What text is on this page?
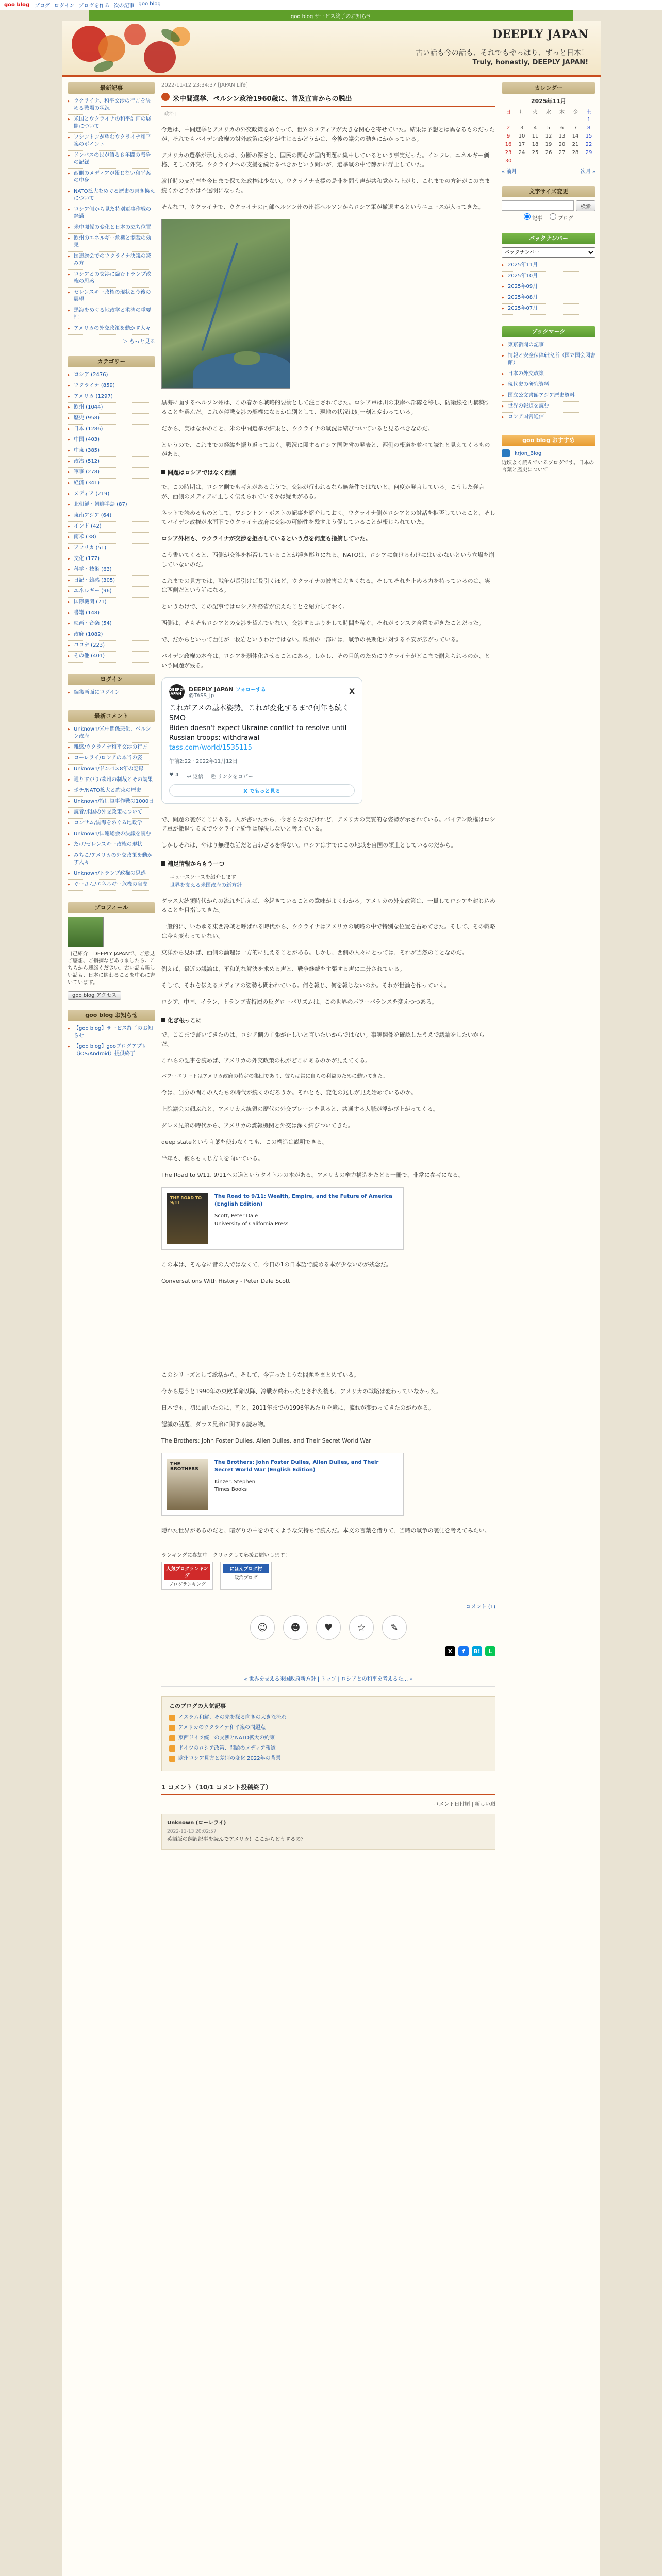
goo blog ブログ ログイン ブログを作る 次の記事 goo blog
goo blog サービス終了のお知らせ
DEEPLY JAPAN
古い話も今の話も、それでもやっぱり、ずっと日本！
Truly, honestly, DEEPLY JAPAN!
最新記事
▸ ウクライナ、和平交渉の行方を決める戦場の状況
▸ 米国とウクライナの和平計画の展開について
▸ ワシントンが望むウクライナ和平案のポイント
▸ ドンバスの民が語る８年間の戦争の記録
▸ 西側のメディアが報じない和平案の中身
▸ NATO拡大をめぐる歴史の書き換えについて
▸ ロシア側から見た特別軍事作戦の経過
▸ 米中関係の変化と日本の立ち位置
▸ 欧州のエネルギー危機と制裁の効果
▸ 国連総会でのウクライナ決議の読み方
▸ ロシアとの交渉に臨むトランプ政権の思惑
▸ ゼレンスキー政権の現状と今後の展望
▸ 黒海をめぐる地政学と港湾の重要性
▸ アメリカの外交政策を動かす人々
＞ もっと見る
カテゴリー
▸ ロシア (2476)
▸ ウクライナ (859)
▸ アメリカ (1297)
▸ 欧州 (1044)
▸ 歴史 (958)
▸ 日本 (1286)
▸ 中国 (403)
▸ 中東 (385)
▸ 政治 (512)
▸ 軍事 (278)
▸ 経済 (341)
▸ メディア (219)
▸ 北朝鮮・朝鮮半島 (87)
▸ 東南アジア (64)
▸ インド (42)
▸ 南米 (38)
▸ アフリカ (51)
▸ 文化 (177)
▸ 科学・技術 (63)
▸ 日記・雑感 (305)
▸ エネルギー (96)
▸ 国際機関 (71)
▸ 書籍 (148)
▸ 映画・音楽 (54)
▸ 政府 (1082)
▸ コロナ (223)
▸ その他 (401)
ログイン
▸ 編集画面にログイン
最新コメント
▸ Unknown/米中関係悪化、ペルシン政府
▸ 雑感/ウクライナ和平交渉の行方
▸ ローレライ/ロシアの本当の姿
▸ Unknown/ドンバス8年の記録
▸ 通りすがり/欧州の制裁とその効果
▸ ポチ/NATO拡大と約束の歴史
▸ Unknown/特別軍事作戦の1000日
▸ 読者/米国の外交政策について
▸ ロンサム/黒海をめぐる地政学
▸ Unknown/国連総会の決議を読む
▸ たけ/ゼレンスキー政権の現状
▸ みちこ/アメリカの外交政策を動かす人々
▸ Unknown/トランプ政権の思惑
▸ ぐーさん/エネルギー危機の実際
プロフィール
自己紹介　DEEPLY JAPANで、ご意見ご感想、ご指摘などありましたら、こちらから連絡ください。古い話も新しい話も、日本に関わることを中心に書いています。
goo blog アクセス
goo blog お知らせ
▸ 【goo blog】サービス終了のお知らせ
▸ 【goo blog】gooブログアプリ（iOS/Android）提供終了
2022-11-12 23:34:37 [JAPAN Life]
米中間選挙、ペルシン政治1960歳に、普及宣言からの脱出
| 政治 |

今週は、中間選挙とアメリカの外交政策をめぐって、世界のメディアが大きな関心を寄せていた。結果は予想とは異なるものだったが、それでもバイデン政権の対外政策に変化が生じるかどうかは、今後の議会の動きにかかっている。

アメリカの選挙が示したのは、分断の深さと、国民の関心が国内問題に集中しているという事実だった。インフレ、エネルギー価格、そして外交。ウクライナへの支援を続けるべきかという問いが、選挙戦の中で静かに浮上していた。

就任時の支持率を今日まで保てた政権は少ない。ウクライナ支援の是非を問う声が共和党から上がり、これまでの方針がこのまま続くかどうかは不透明になった。

そんな中、ウクライナで、ウクライナの南部ヘルソン州の州都ヘルソンからロシア軍が撤退するというニュースが入ってきた。

黒海に面するヘルソン州は、この春から戦略的要衝として注目されてきた。ロシア軍は川の東岸へ部隊を移し、防衛線を再構築することを選んだ。これが停戦交渉の契機になるかは別として、現地の状況は刻一刻と変わっている。

だから、実はなおのこと、米の中間選挙の結果と、ウクライナの戦況は結びついていると見るべきなのだ。

というので、これまでの経緯を振り返っておく。戦況に関するロシア国防省の発表と、西側の報道を並べて読むと見えてくるものがある。

問題はロシアではなく西側

で、この時期は、ロシア側でも考えがあるようで、交渉が行われるなら無条件ではないと、何度か発言している。こうした発言が、西側のメディアに正しく伝えられているかは疑問がある。

ネットで読めるものとして、ワシントン・ポストの記事を紹介しておく。ウクライナ側がロシアとの対話を拒否していること、そしてバイデン政権が水面下でウクライナ政府に交渉の可能性を残すよう促していることが報じられていた。

ロシア外相も、ウクライナが交渉を拒否しているという点を何度も指摘していた。

こう書いてくると、西側が交渉を拒否していることが浮き彫りになる。NATOは、ロシアに負けるわけにはいかないという立場を崩していないのだ。

これまでの見方では、戦争が長引けば長引くほど、ウクライナの被害は大きくなる。そしてそれを止める力を持っているのは、実は西側だという話になる。

というわけで、この記事ではロシア外務省が伝えたことを紹介しておく。

西側は、そもそもロシアとの交渉を望んでいない。交渉するふりをして時間を稼ぐ、それがミンスク合意で起きたことだった。

で、だからといって西側が一枚岩というわけではない。欧州の一部には、戦争の長期化に対する不安が広がっている。

バイデン政権の本音は、ロシアを弱体化させることにある。しかし、その目的のためにウクライナがどこまで耐えられるのか、という問題が残る。

DEEPLY JAPAN
DEEPLY JAPAN フォローする
@TASS_Jp	X
これがアメの基本姿勢。これが変化するまで何年も続くSMO
Biden doesn't expect Ukraine conflict to resolve until Russian troops: withdrawal
tass.com/world/1535115
午前2:22 · 2022年11月12日
♥ 4 ↩ 返信 ⎘ リンクをコピー
X でもっと見る

で、問題の裏がここにある。人が書いたから、今さらなのだけれど、アメリカの実質的な姿勢が示されている。バイデン政権はロシア軍が撤退するまでウクライナ紛争は解決しないと考えている。

しかしそれは、やはり無理な話だと言わざるを得ない。ロシアはすでにこの地域を自国の領土としているのだから。

補足情報からもう一つ
ニュースソースを紹介します
世界を支える米国政府の新方針

ダラス大統領時代からの流れを追えば、今起きていることの意味がよくわかる。アメリカの外交政策は、一貫してロシアを封じ込めることを目指してきた。

一般的に、いわゆる東西冷戦と呼ばれる時代から、ウクライナはアメリカの戦略の中で特別な位置を占めてきた。そして、その戦略は今も変わっていない。

東洋から見れば、西側の論理は一方的に見えることがある。しかし、西側の人々にとっては、それが当然のことなのだ。

例えば、最近の議論は、平和的な解決を求める声と、戦争継続を主張する声に二分されている。

そして、それを伝えるメディアの姿勢も問われている。何を報じ、何を報じないのか。それが世論を作っていく。

ロシア、中国、イラン、トランプ支持層の反グローバリズムは、この世界のパワーバランスを変えつつある。

化ぎ根っこに

で、ここまで書いてきたのは、ロシア側の主張が正しいと言いたいからではない。事実関係を確認したうえで議論をしたいからだ。

これらの記事を読めば、アメリカの外交政策の根がどこにあるのかが見えてくる。

パワーエリートはアメリカ政府の特定の集団であり、彼らは常に自らの利益のために動いてきた。

今は、当分の間この人たちの時代が続くのだろうか。それとも、変化の兆しが見え始めているのか。

上院議会の顔ぶれと、アメリカ大統領の歴代の外交ブレーンを見ると、共通する人脈が浮かび上がってくる。

ダレス兄弟の時代から、アメリカの諜報機関と外交は深く結びついてきた。

deep stateという言葉を使わなくても、この構造は説明できる。

半年も、彼らも同じ方向を向いている。

The Road to 9/11, 9/11への道というタイトルの本がある。アメリカの権力構造をたどる一冊で、非常に参考になる。

THE ROAD TO 9/11
The Road to 9/11: Wealth, Empire, and the Future of America (English Edition)
Scott, Peter Dale
University of California Press

この本は、そんなに昔の人ではなくて、今日の1の日本語で読める本が少ないのが残念だ。

Conversations With History - Peter Dale Scott

このシリーズとして総括から、そして、今言ったような問題をまとめている。

今から思うと1990年の東欧革命以降、冷戦が終わったとされた後も、アメリカの戦略は変わっていなかった。

日本でも、初に書いたのに、割と、2011年までの1996年あたりを境に、流れが変わってきたのがわかる。

認識の話題、ダラス兄弟に関する読み物。

The Brothers: John Foster Dulles, Allen Dulles, and Their Secret World War

THE BROTHERS
The Brothers: John Foster Dulles, Allen Dulles, and Their Secret World War (English Edition)
Kinzer, Stephen
Times Books

隠れた世界があるのだと、暗がりの中をのぞくような気持ちで読んだ。本文の言葉を借りて、当時の戦争の裏側を考えてみたい。

ランキングに参加中。クリックして応援お願いします！
人気ブログランキング
ブログランキング
にほんブログ村
政治ブログ
コメント (1)
☺	☻	♥	☆	✎
X	f	B!	L
« 世界を支える米国政府新方針 | トップ | ロシアとの和平を考えるた... »
このブログの人気記事
イスラム和解、その先を探る向きの大きな流れ
アメリカのウクライナ和平案の問題点
東西ドイツ統一の交渉とNATO拡大の約束
ドイツのロシア政策、問題のメディア報道
欧州ロシア見方と差別の変化 2022年の背景
1 コメント（10/1 コメント投稿終了）
コメント日付順 | 新しい順
Unknown (ローレライ)
2022-11-13 20:02:57
英語版の翻訳記事を読んでアメリカ！ここからどうするの？
カレンダー
2025年11月
日	月	火	水	木	金	土
						1
2	3	4	5	6	7	8
9	10	11	12	13	14	15
16	17	18	19	20	21	22
23	24	25	26	27	28	29
30						
« 前月	次月 »
文字サイズ変更
検索
記事	ブログ
バックナンバー
バックナンバー
▸ 2025年11月
▸ 2025年10月
▸ 2025年09月
▸ 2025年08月
▸ 2025年07月
ブックマーク
▸ 東京新聞の記事
▸ 情報と安全保障研究所（国立国会図書館）
▸ 日本の外交政策
▸ 現代史の研究資料
▸ 国立公文書館アジア歴史資料
▸ 世界の報道を読む
▸ ロシア国営通信
goo blog おすすめ
Ikrjon_Blog
近頃よく読んでいるブログです。日本の言葉と歴史について
